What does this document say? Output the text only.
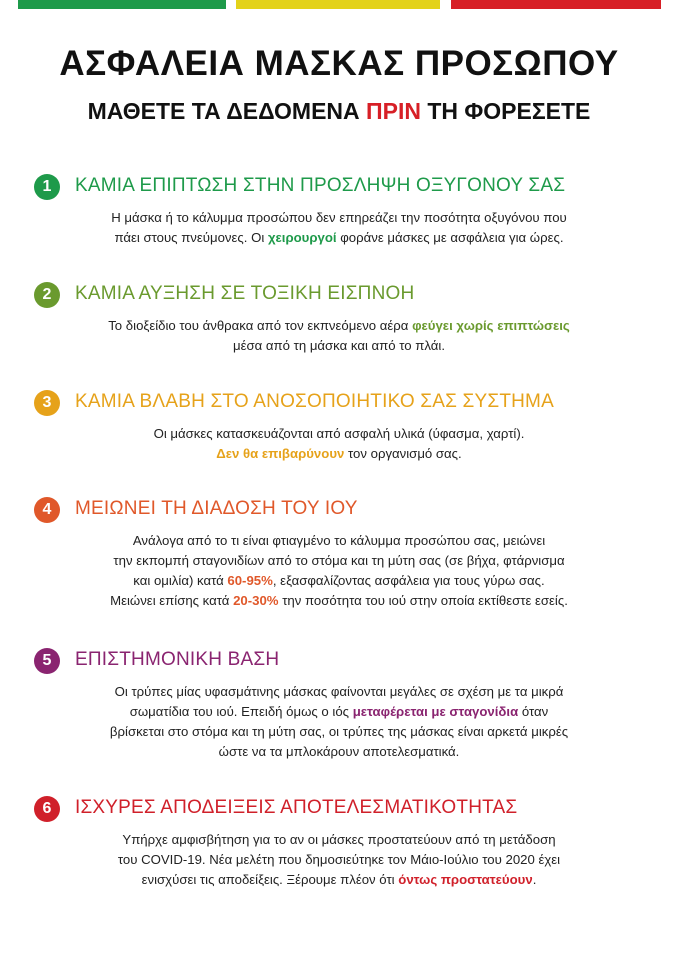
ΑΣΦΑΛΕΙΑ ΜΑΣΚΑΣ ΠΡΟΣΩΠΟΥ
ΜΑΘΕΤΕ ΤΑ ΔΕΔΟΜΕΝΑ ΠΡΙΝ ΤΗ ΦΟΡΕΣΕΤΕ
1	ΚΑΜΙΑ ΕΠΙΠΤΩΣΗ ΣΤΗΝ ΠΡΟΣΛΗΨΗ ΟΞΥΓΟΝΟΥ ΣΑΣ
Η μάσκα ή το κάλυμμα προσώπου δεν επηρεάζει την ποσότητα οξυγόνου που
πάει στους πνεύμονες. Οι χειρουργοί φοράνε μάσκες με ασφάλεια για ώρες.
2	ΚΑΜΙΑ ΑΥΞΗΣΗ ΣΕ ΤΟΞΙΚΗ ΕΙΣΠΝΟΗ
Το διοξείδιο του άνθρακα από τον εκπνεόμενο αέρα φεύγει χωρίς επιπτώσεις
μέσα από τη μάσκα και από το πλάι.
3	ΚΑΜΙΑ ΒΛΑΒΗ ΣΤΟ ΑΝΟΣΟΠΟΙΗΤΙΚΟ ΣΑΣ ΣΥΣΤΗΜΑ
Οι μάσκες κατασκευάζονται από ασφαλή υλικά (ύφασμα, χαρτί).
Δεν θα επιβαρύνουν τον οργανισμό σας.
4	ΜΕΙΩΝΕΙ ΤΗ ΔΙΑΔΟΣΗ ΤΟΥ ΙΟΥ
Ανάλογα από το τι είναι φτιαγμένο το κάλυμμα προσώπου σας, μειώνει
την εκπομπή σταγονιδίων από το στόμα και τη μύτη σας (σε βήχα, φτάρνισμα
και ομιλία) κατά 60-95%, εξασφαλίζοντας ασφάλεια για τους γύρω σας.
Μειώνει επίσης κατά 20-30% την ποσότητα του ιού στην οποία εκτίθεστε εσείς.
5	ΕΠΙΣΤΗΜΟΝΙΚΗ ΒΑΣΗ
Οι τρύπες μίας υφασμάτινης μάσκας φαίνονται μεγάλες σε σχέση με τα μικρά
σωματίδια του ιού. Επειδή όμως ο ιός μεταφέρεται με σταγονίδια όταν
βρίσκεται στο στόμα και τη μύτη σας, οι τρύπες της μάσκας είναι αρκετά μικρές
ώστε να τα μπλοκάρουν αποτελεσματικά.
6	ΙΣΧΥΡΕΣ ΑΠΟΔΕΙΞΕΙΣ ΑΠΟΤΕΛΕΣΜΑΤΙΚΟΤΗΤΑΣ
Υπήρχε αμφισβήτηση για το αν οι μάσκες προστατεύουν από τη μετάδοση
του COVID-19. Νέα μελέτη που δημοσιεύτηκε τον Μάιο-Ιούλιο του 2020 έχει
ενισχύσει τις αποδείξεις. Ξέρουμε πλέον ότι όντως προστατεύουν.
